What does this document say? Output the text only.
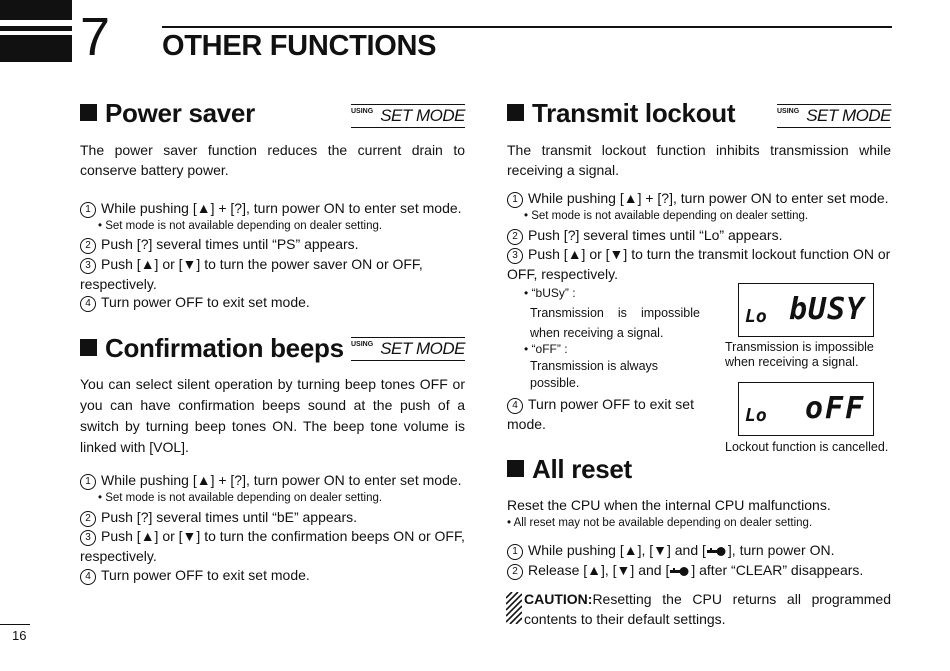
7 OTHER FUNCTIONS
Power saver	USING SET MODE
The power saver function reduces the current drain to conserve battery power.
1 While pushing [▲] + [?], turn power ON to enter set mode.
• Set mode is not available depending on dealer setting.
2 Push [?] several times until “PS” appears.
3 Push [▲] or [▼] to turn the power saver ON or OFF, respectively.
4 Turn power OFF to exit set mode.
Confirmation beeps USING SET MODE
You can select silent operation by turning beep tones OFF or you can have confirmation beeps sound at the push of a switch by turning beep tones ON. The beep tone volume is linked with [VOL].
1 While pushing [▲] + [?], turn power ON to enter set mode.
• Set mode is not available depending on dealer setting.
2 Push [?] several times until “bE” appears.
3 Push [▲] or [▼] to turn the confirmation beeps ON or OFF, respectively.
4 Turn power OFF to exit set mode.
Transmit lockout	USING SET MODE
The transmit lockout function inhibits transmission while receiving a signal.
1 While pushing [▲] + [?], turn power ON to enter set mode.
• Set mode is not available depending on dealer setting.
2 Push [?] several times until “Lo” appears.
3 Push [▲] or [▼] to turn the transmit lockout function ON or OFF, respectively.
• “bUSy” :
Transmission is impossible when receiving a signal.
• “oFF” :
Transmission is always possible.
4 Turn power OFF to exit set mode.
Lo bUSY
Transmission is impossible when receiving a signal.
Lo oFF
Lockout function is cancelled.
All reset
Reset the CPU when the internal CPU malfunctions.
• All reset may not be available depending on dealer setting.
1 While pushing [▲], [▼] and [ ], turn power ON.
2 Release [▲], [▼] and [ ] after “CLEAR” disappears.
CAUTION:Resetting the CPU returns all programmed contents to their default settings.
16
